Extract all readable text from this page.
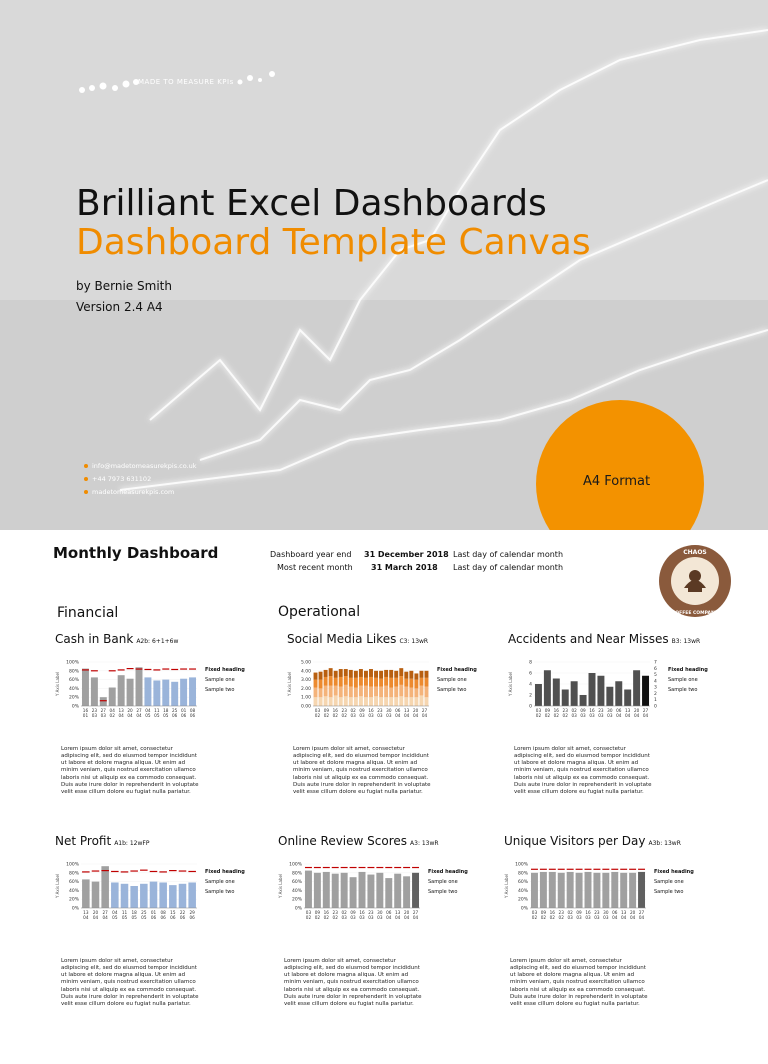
MADE TO MEASURE KPIs
Brilliant Excel Dashboards
Dashboard Template Canvas
by Bernie Smith
Version 2.4 A4
info@madetomeasurekpis.co.uk
+44 7973 631102
madetomeasurekpis.com
A4 Format
Monthly Dashboard	Dashboard year end 31 December 2018 Last day of calendar month
Most recent month 31 March 2018 Last day of calendar month
CHAOS
COFFEE COMPANY
Financial	Operational
Cash in Bank A2b: 6+1+6w
Y Axis Label
0%
20%
40%
60%
80%
100%
16
01
23
03
27
03
04
02
13
04
20
04
27
04
04
05
11
05
18
05
25
06
01
06
08
06
Fixed heading
Sample one
Sample two
Lorem ipsum dolor sit amet, consectetur adipiscing elit, sed do eiusmod tempor incididunt ut labore et dolore magna aliqua. Ut enim ad minim veniam, quis nostrud exercitation ullamco laboris nisi ut aliquip ex ea commodo consequat. Duis aute irure dolor in reprehenderit in voluptate velit esse cillum dolore eu fugiat nulla pariatur.
Social Media Likes C3: 13wR
Y Axis Label
0.00
1.00
2.00
3.00
4.00
5.00
03
02
09
02
16
02
23
02
02
03
09
03
16
03
23
03
30
03
06
04
13
04
20
04
27
04
Fixed heading
Sample one
Sample two
Lorem ipsum dolor sit amet, consectetur adipiscing elit, sed do eiusmod tempor incididunt ut labore et dolore magna aliqua. Ut enim ad minim veniam, quis nostrud exercitation ullamco laboris nisi ut aliquip ex ea commodo consequat. Duis aute irure dolor in reprehenderit in voluptate velit esse cillum dolore eu fugiat nulla pariatur.
Accidents and Near Misses B3: 13wR
Y Axis Label
0
2
4
6
8
0
1
2
3
4
5
6
7
03
02
09
02
16
02
23
02
02
03
09
03
16
03
23
03
30
03
06
04
13
04
20
04
27
04
Fixed heading
Sample one
Sample two
Lorem ipsum dolor sit amet, consectetur adipiscing elit, sed do eiusmod tempor incididunt ut labore et dolore magna aliqua. Ut enim ad minim veniam, quis nostrud exercitation ullamco laboris nisi ut aliquip ex ea commodo consequat. Duis aute irure dolor in reprehenderit in voluptate velit esse cillum dolore eu fugiat nulla pariatur.
Net Profit A1b: 12wFP
Y Axis Label
0%
20%
40%
60%
80%
100%
13
04
20
04
27
04
04
05
11
05
18
05
25
05
01
06
08
06
15
06
22
06
29
06
Fixed heading
Sample one
Sample two
Lorem ipsum dolor sit amet, consectetur adipiscing elit, sed do eiusmod tempor incididunt ut labore et dolore magna aliqua. Ut enim ad minim veniam, quis nostrud exercitation ullamco laboris nisi ut aliquip ex ea commodo consequat. Duis aute irure dolor in reprehenderit in voluptate velit esse cillum dolore eu fugiat nulla pariatur.
Online Review Scores A3: 13wR
Y Axis Label
0%
20%
40%
60%
80%
100%
03
02
09
02
16
02
23
02
02
03
09
03
16
03
23
03
30
03
06
04
13
04
20
04
27
04
Fixed heading
Sample one
Sample two
Lorem ipsum dolor sit amet, consectetur adipiscing elit, sed do eiusmod tempor incididunt ut labore et dolore magna aliqua. Ut enim ad minim veniam, quis nostrud exercitation ullamco laboris nisi ut aliquip ex ea commodo consequat. Duis aute irure dolor in reprehenderit in voluptate velit esse cillum dolore eu fugiat nulla pariatur.
Unique Visitors per Day A3b: 13wR
Y Axis Label
0%
20%
40%
60%
80%
100%
03
02
09
02
16
02
23
02
02
03
09
03
16
03
23
03
30
03
06
04
13
04
20
04
27
04
Fixed heading
Sample one
Sample two
Lorem ipsum dolor sit amet, consectetur adipiscing elit, sed do eiusmod tempor incididunt ut labore et dolore magna aliqua. Ut enim ad minim veniam, quis nostrud exercitation ullamco laboris nisi ut aliquip ex ea commodo consequat. Duis aute irure dolor in reprehenderit in voluptate velit esse cillum dolore eu fugiat nulla pariatur.
